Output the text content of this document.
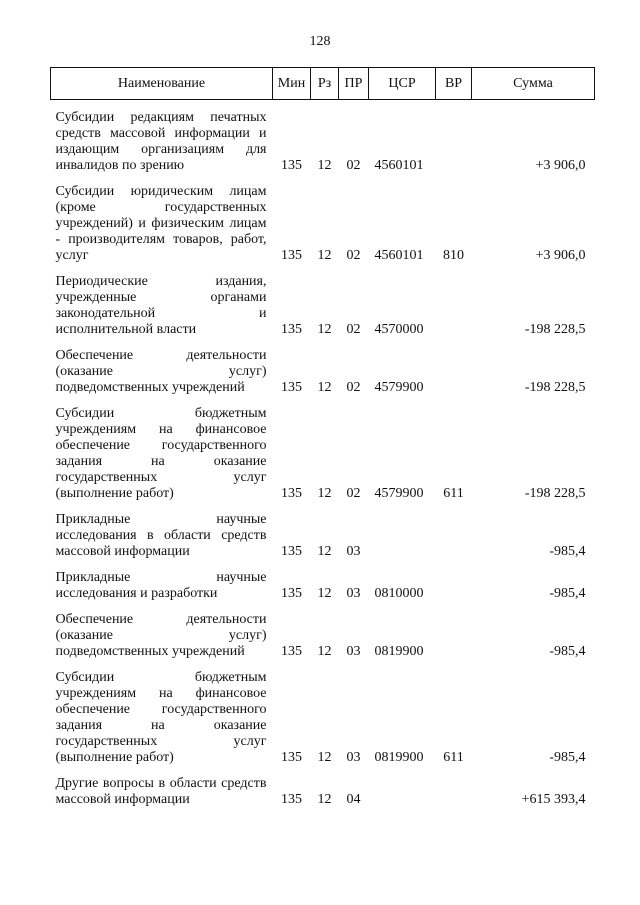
128
Наименование	Мин	Рз	ПР	ЦСР	ВР	Сумма

Субсидии редакциям печатных средств массовой информации и издающим организациям для инвалидов по зрению	135	12	02	4560101		+3 906,0
Субсидии юридическим лицам (кроме государственных учреждений) и физическим лицам - производителям товаров, работ, услуг	135	12	02	4560101	810	+3 906,0
Периодические издания, учрежденные органами законодательной и исполнительной власти	135	12	02	4570000		-198 228,5
Обеспечение деятельности (оказание услуг) подведомственных учреждений	135	12	02	4579900		-198 228,5
Субсидии бюджетным учреждениям на финансовое обеспечение государственного задания на оказание государственных услуг (выполнение работ)	135	12	02	4579900	611	-198 228,5
Прикладные научные исследования в области средств массовой информации	135	12	03			-985,4
Прикладные научные исследования и разработки	135	12	03	0810000		-985,4
Обеспечение деятельности (оказание услуг) подведомственных учреждений	135	12	03	0819900		-985,4
Субсидии бюджетным учреждениям на финансовое обеспечение государственного задания на оказание государственных услуг (выполнение работ)	135	12	03	0819900	611	-985,4
Другие вопросы в области средств массовой информации	135	12	04			+615 393,4
